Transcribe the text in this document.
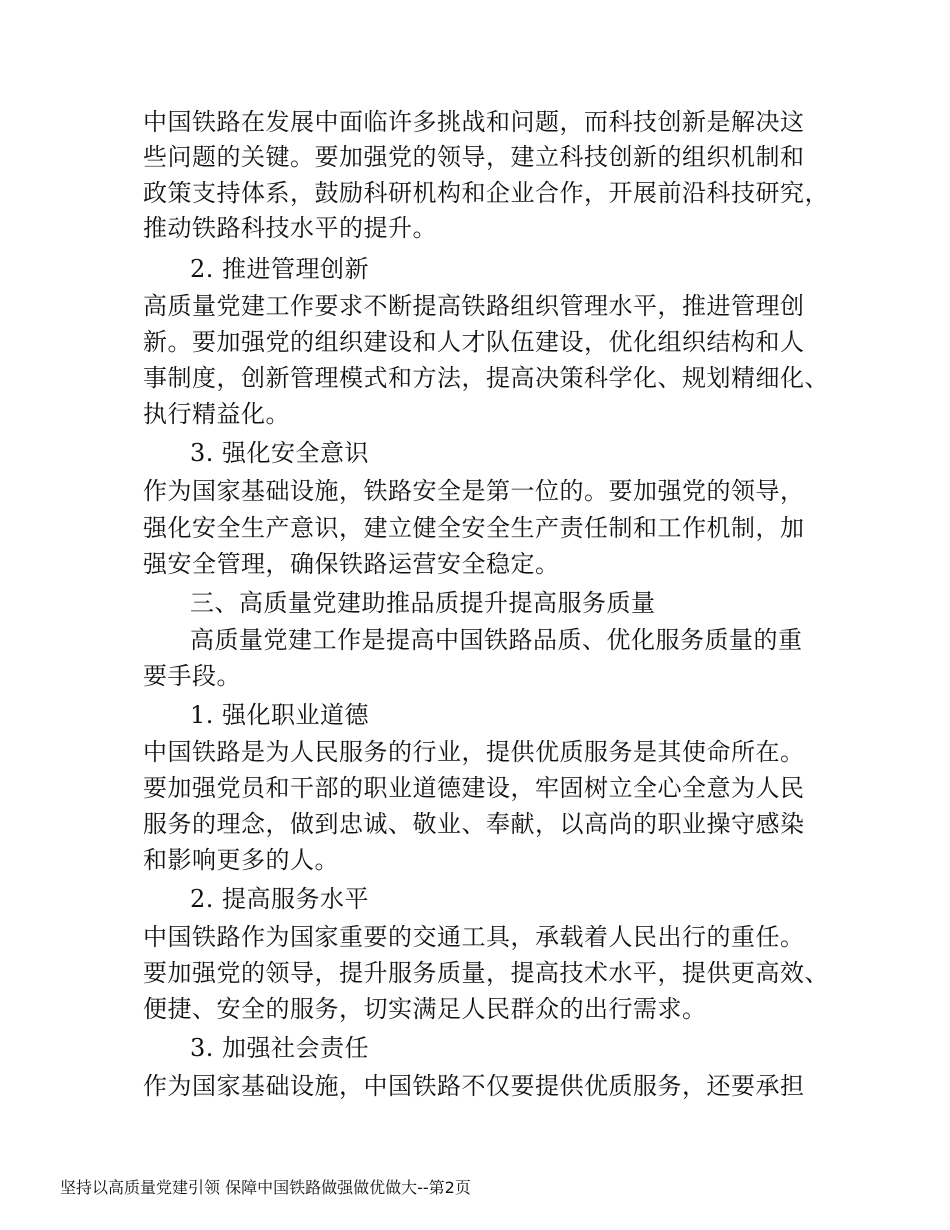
中国铁路在发展中面临许多挑战和问题，而科技创新是解决这
些问题的关键。要加强党的领导，建立科技创新的组织机制和
政策支持体系，鼓励科研机构和企业合作，开展前沿科技研究，
推动铁路科技水平的提升。
2. 推进管理创新
高质量党建工作要求不断提高铁路组织管理水平，推进管理创
新。要加强党的组织建设和人才队伍建设，优化组织结构和人
事制度，创新管理模式和方法，提高决策科学化、规划精细化、
执行精益化。
3. 强化安全意识
作为国家基础设施，铁路安全是第一位的。要加强党的领导，
强化安全生产意识，建立健全安全生产责任制和工作机制，加
强安全管理，确保铁路运营安全稳定。
三、高质量党建助推品质提升提高服务质量
高质量党建工作是提高中国铁路品质、优化服务质量的重
要手段。
1. 强化职业道德
中国铁路是为人民服务的行业，提供优质服务是其使命所在。
要加强党员和干部的职业道德建设，牢固树立全心全意为人民
服务的理念，做到忠诚、敬业、奉献，以高尚的职业操守感染
和影响更多的人。
2. 提高服务水平
中国铁路作为国家重要的交通工具，承载着人民出行的重任。
要加强党的领导，提升服务质量，提高技术水平，提供更高效、
便捷、安全的服务，切实满足人民群众的出行需求。
3. 加强社会责任
作为国家基础设施，中国铁路不仅要提供优质服务，还要承担
坚持以高质量党建引领 保障中国铁路做强做优做大--第2页
